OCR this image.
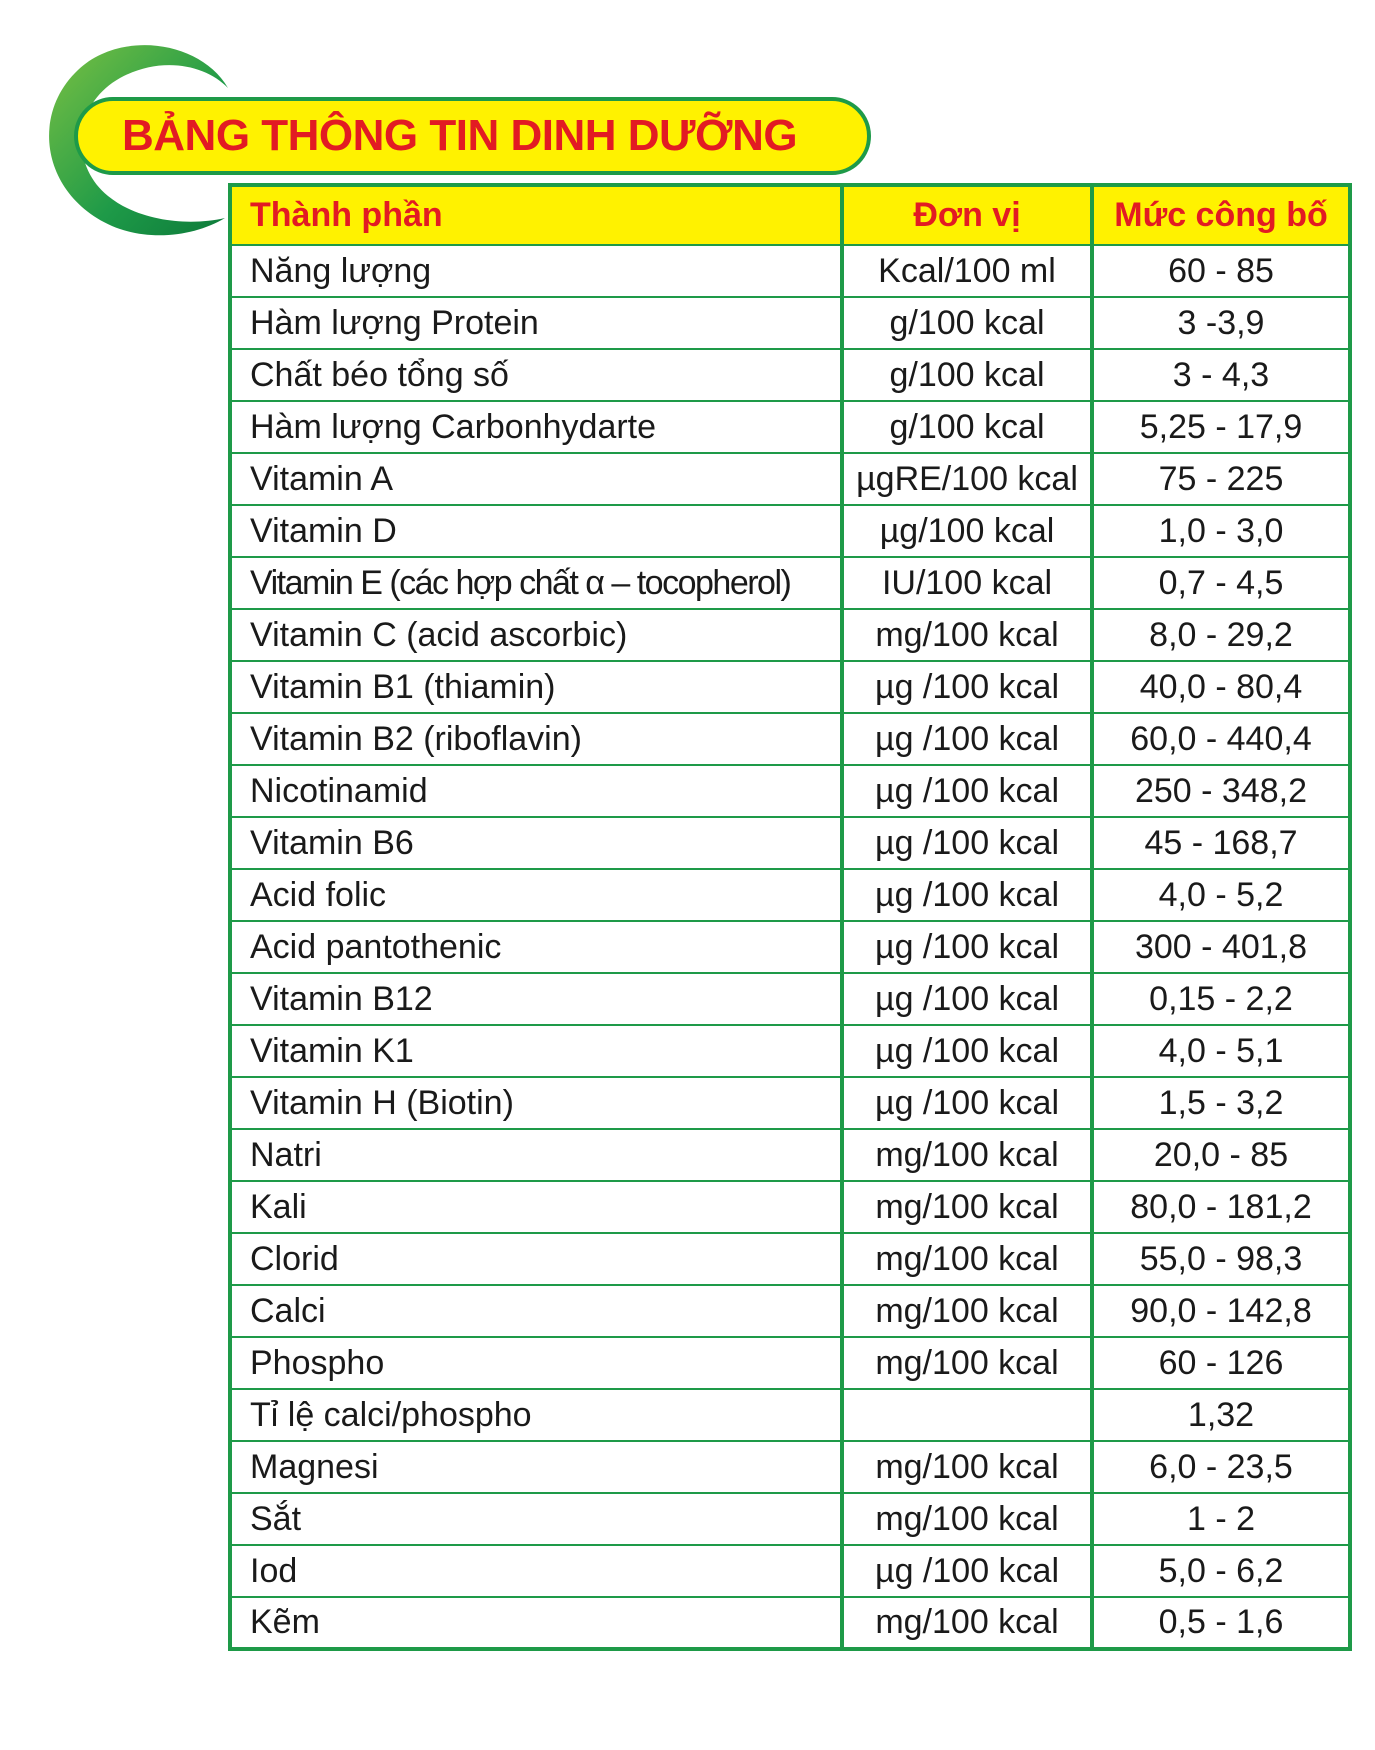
BẢNG THÔNG TIN DINH DƯỠNG
Thành phần	Đơn vị	Mức công bố
Năng lượng	Kcal/100 ml	60 - 85
Hàm lượng Protein	g/100 kcal	3 -3,9
Chất béo tổng số	g/100 kcal	3 - 4,3
Hàm lượng Carbonhydarte	g/100 kcal	5,25 - 17,9
Vitamin A	µgRE/100 kcal	75 - 225
Vitamin D	µg/100 kcal	1,0 - 3,0
Vitamin E (các hợp chất α – tocopherol)	IU/100 kcal	0,7 - 4,5
Vitamin C (acid ascorbic)	mg/100 kcal	8,0 - 29,2
Vitamin B1 (thiamin)	µg /100 kcal	40,0 - 80,4
Vitamin B2 (riboflavin)	µg /100 kcal	60,0 - 440,4
Nicotinamid	µg /100 kcal	250 - 348,2
Vitamin B6	µg /100 kcal	45 - 168,7
Acid folic	µg /100 kcal	4,0 - 5,2
Acid pantothenic	µg /100 kcal	300 - 401,8
Vitamin B12	µg /100 kcal	0,15 - 2,2
Vitamin K1	µg /100 kcal	4,0 - 5,1
Vitamin H (Biotin)	µg /100 kcal	1,5 - 3,2
Natri	mg/100 kcal	20,0 - 85
Kali	mg/100 kcal	80,0 - 181,2
Clorid	mg/100 kcal	55,0 - 98,3
Calci	mg/100 kcal	90,0 - 142,8
Phospho	mg/100 kcal	60 - 126
Tỉ lệ calci/phospho		1,32
Magnesi	mg/100 kcal	6,0 - 23,5
Sắt	mg/100 kcal	1 - 2
Iod	µg /100 kcal	5,0 - 6,2
Kẽm	mg/100 kcal	0,5 - 1,6
